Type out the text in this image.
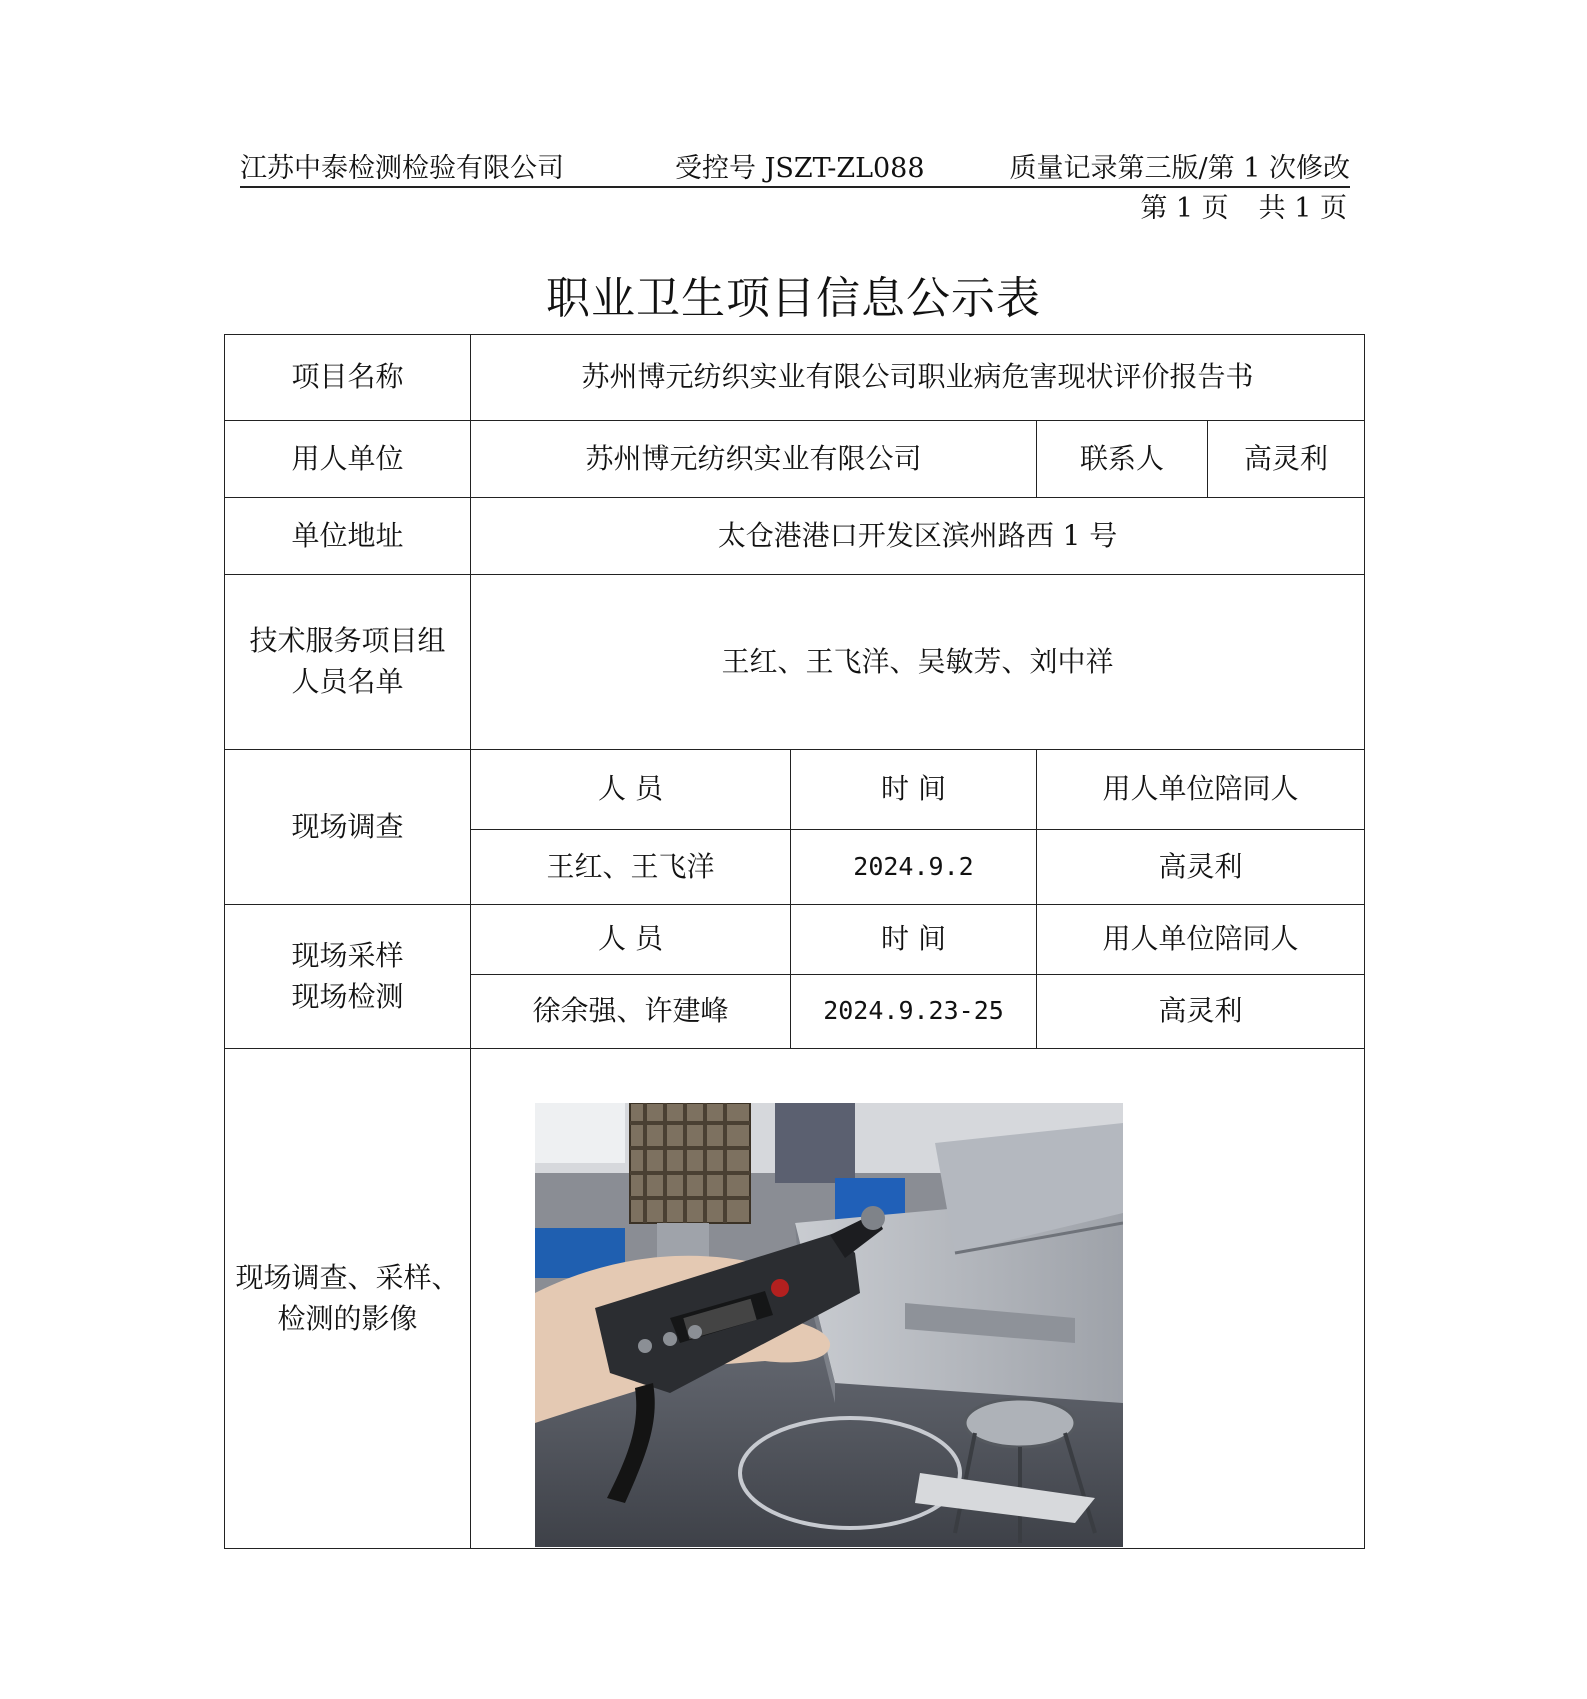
江苏中泰检测检验有限公司	受控号 JSZT-ZL088	质量记录第三版/第 1 次修改
第 1 页 共 1 页
职业卫生项目信息公示表
项目名称	苏州博元纺织实业有限公司职业病危害现状评价报告书			
用人单位	苏州博元纺织实业有限公司		联系人	高灵利
单位地址	太仓港港口开发区滨州路西 1 号			

技术服务项目组
人员名单	王红、王飞洋、吴敏芳、刘中祥			
现场调查	人 员	时 间	用人单位陪同人	
	王红、王飞洋	2024.9.2	高灵利	

现场采样
现场检测	人 员	时 间	用人单位陪同人	
	徐余强、许建峰	2024.9.23-25	高灵利	

现场调查、采样、
检测的影像
